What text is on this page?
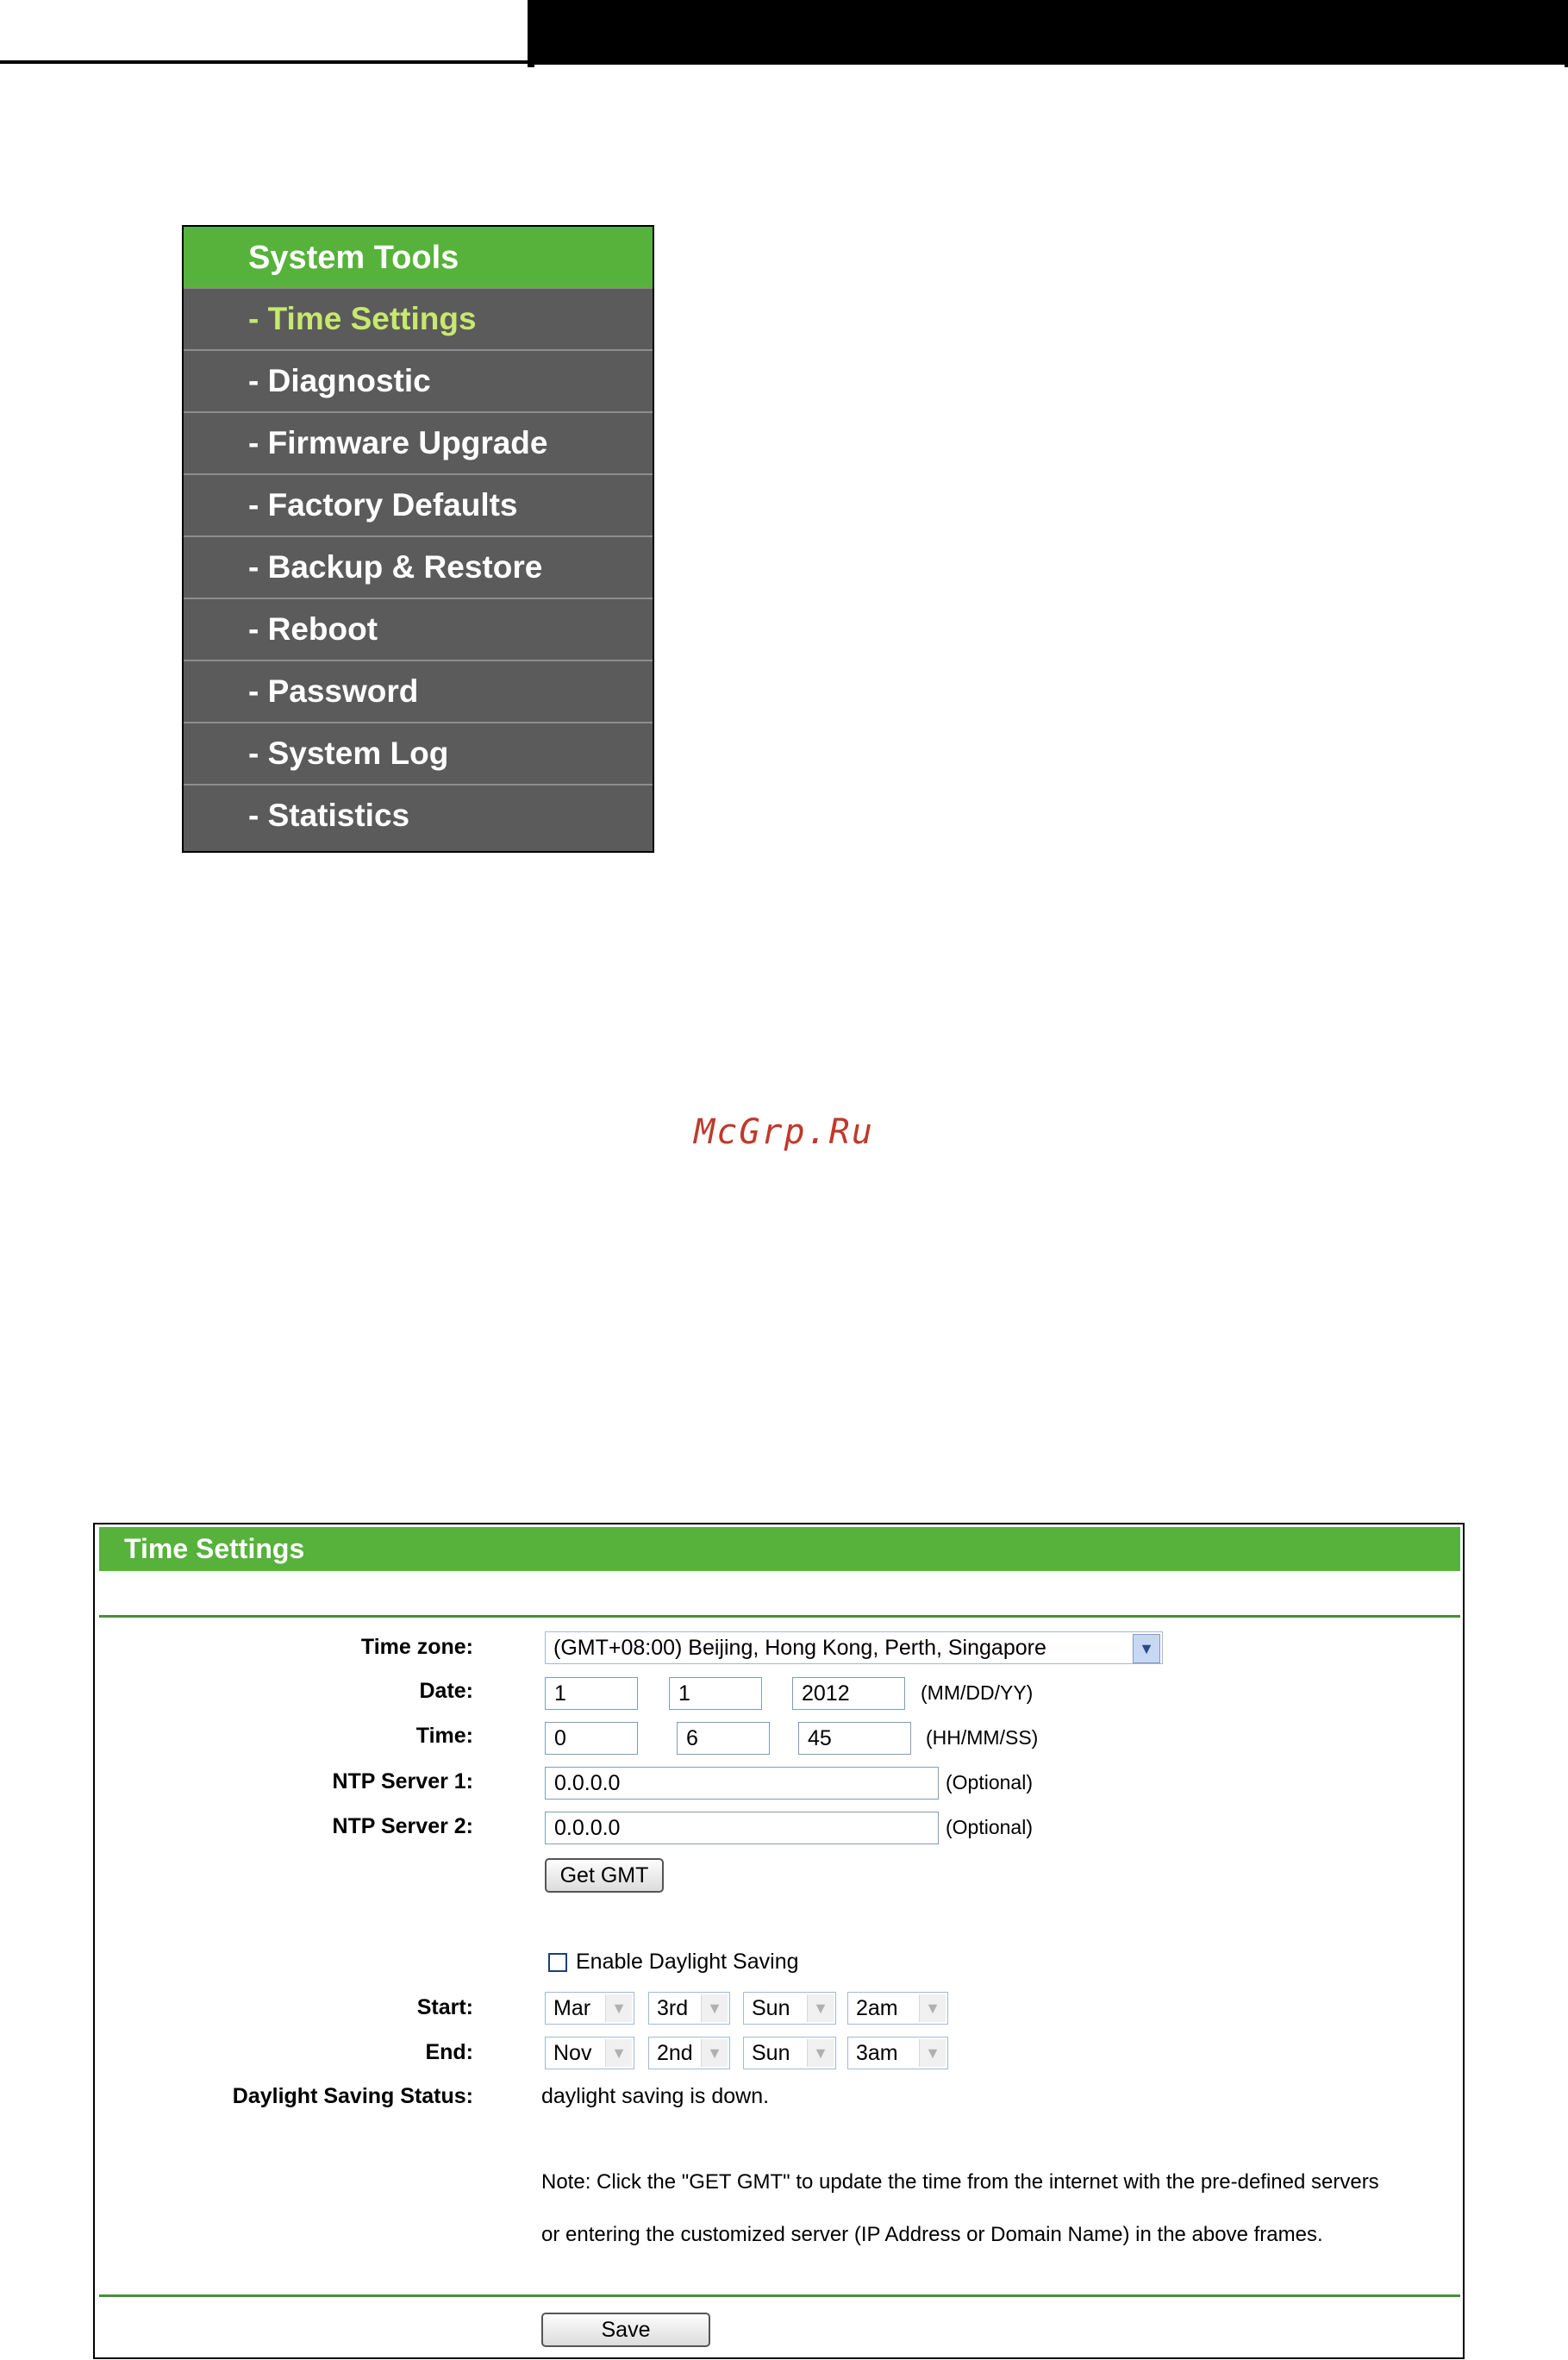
System Tools
- Time Settings
- Diagnostic
- Firmware Upgrade
- Factory Defaults
- Backup & Restore
- Reboot
- Password
- System Log
- Statistics
McGrp.Ru
Time Settings
Time zone:	(GMT+08:00) Beijing, Hong Kong, Perth, Singapore	▼
Date:	1	1	2012	(MM/DD/YY)
Time:	0	6	45	(HH/MM/SS)
NTP Server 1:	0.0.0.0	(Optional)
NTP Server 2:	0.0.0.0	(Optional)
Get GMT
Enable Daylight Saving
Start:	Mar	▼	3rd	▼	Sun	▼	2am	▼
End:	Nov	▼	2nd ▼	Sun	▼	3am	▼
Daylight Saving Status:	daylight saving is down.
Note: Click the "GET GMT" to update the time from the internet with the pre-defined servers
or entering the customized server (IP Address or Domain Name) in the above frames.
Save
